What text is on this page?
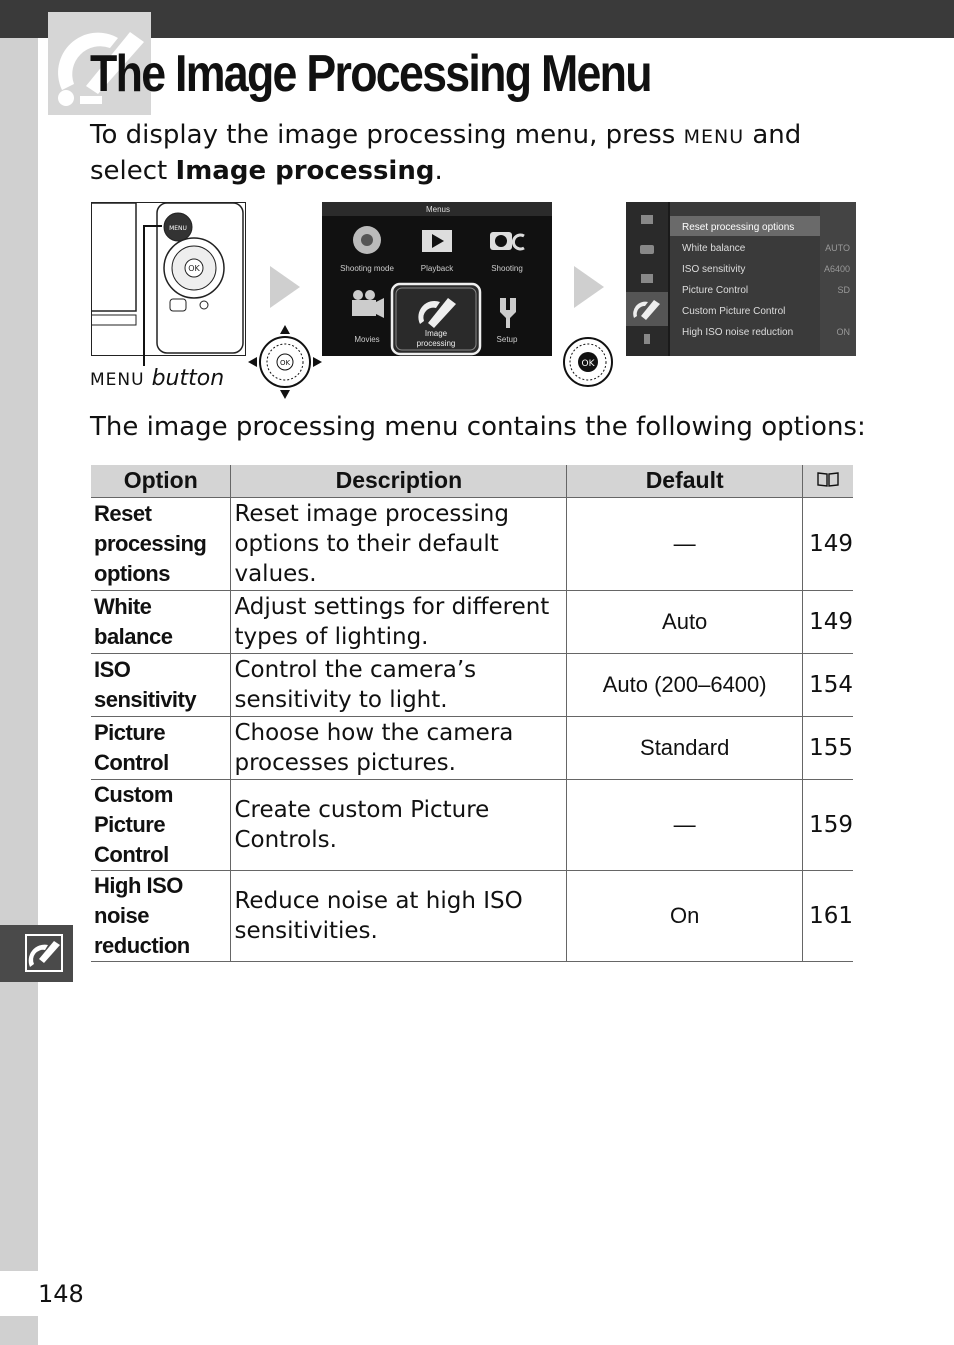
The Image Processing Menu
To display the image processing menu, press MENU and select Image processing.
MENU
OK
MENU button
OK	OK
Menus
Shooting mode	Playback	Shooting
Image
processing
Movies	Setup
Reset processing options
White balance
ISO sensitivity
Picture Control
Custom Picture Control
High ISO noise reduction
AUTO
A6400
SD
ON
The image processing menu contains the following options:
Option	Description	Default	
Reset processing options	Reset image processing options to their default values.	—	149
White balance	Adjust settings for different types of lighting.	Auto	149
ISO sensitivity	Control the camera’s sensitivity to light.	Auto (200–6400)	154
Picture Control	Choose how the camera processes pictures.	Standard	155
Custom Picture Control	Create custom Picture Controls.	—	159
High ISO noise reduction	Reduce noise at high ISO sensitivities.	On	161
148
